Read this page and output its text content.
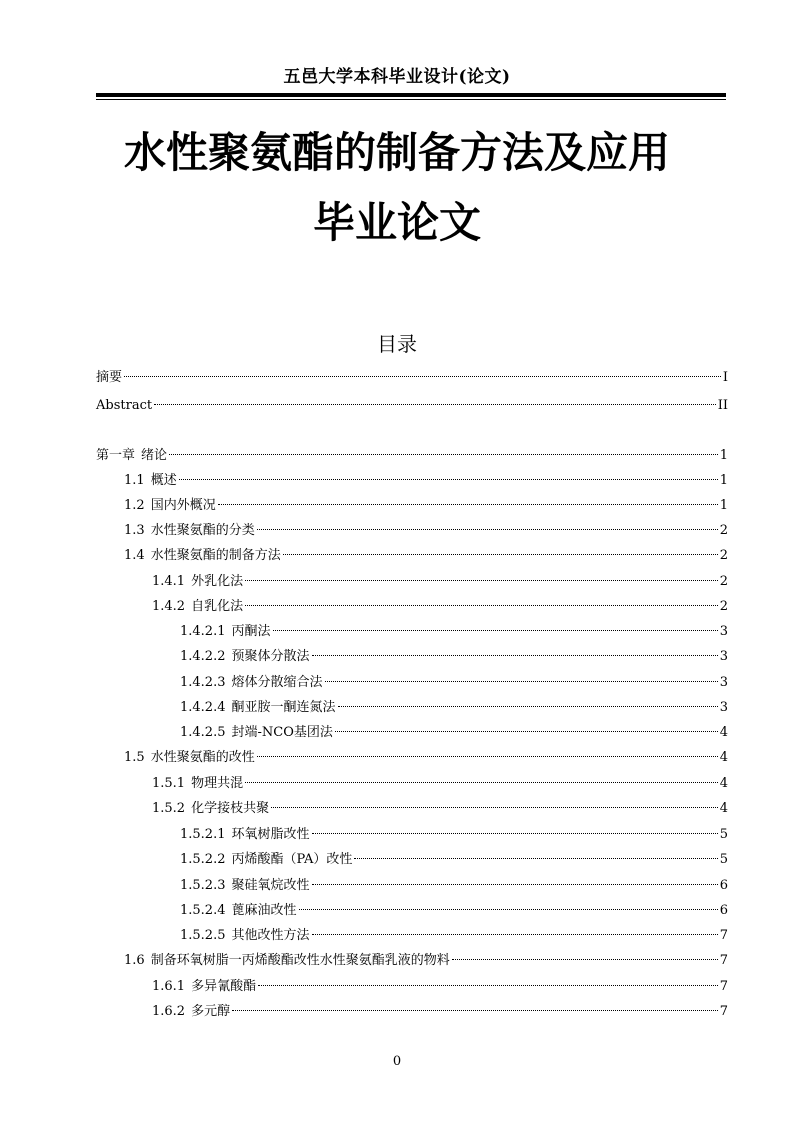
五邑大学本科毕业设计(论文)
水性聚氨酯的制备方法及应用
毕业论文
目录
摘要	I
Abstract	II
第一章 绪论	1
1.1 概述	1
1.2 国内外概况	1
1.3 水性聚氨酯的分类	2
1.4 水性聚氨酯的制备方法	2
1.4.1 外乳化法	2
1.4.2 自乳化法	2
1.4.2.1 丙酮法	3
1.4.2.2 预聚体分散法	3
1.4.2.3 熔体分散缩合法	3
1.4.2.4 酮亚胺一酮连氮法	3
1.4.2.5 封端-NCO基团法	4
1.5 水性聚氨酯的改性	4
1.5.1 物理共混	4
1.5.2 化学接枝共聚	4
1.5.2.1 环氧树脂改性	5
1.5.2.2 丙烯酸酯（PA）改性	5
1.5.2.3 聚硅氧烷改性	6
1.5.2.4 蓖麻油改性	6
1.5.2.5 其他改性方法	7
1.6 制备环氧树脂一丙烯酸酯改性水性聚氨酯乳液的物料	7
1.6.1 多异氰酸酯	7
1.6.2 多元醇	7
0
